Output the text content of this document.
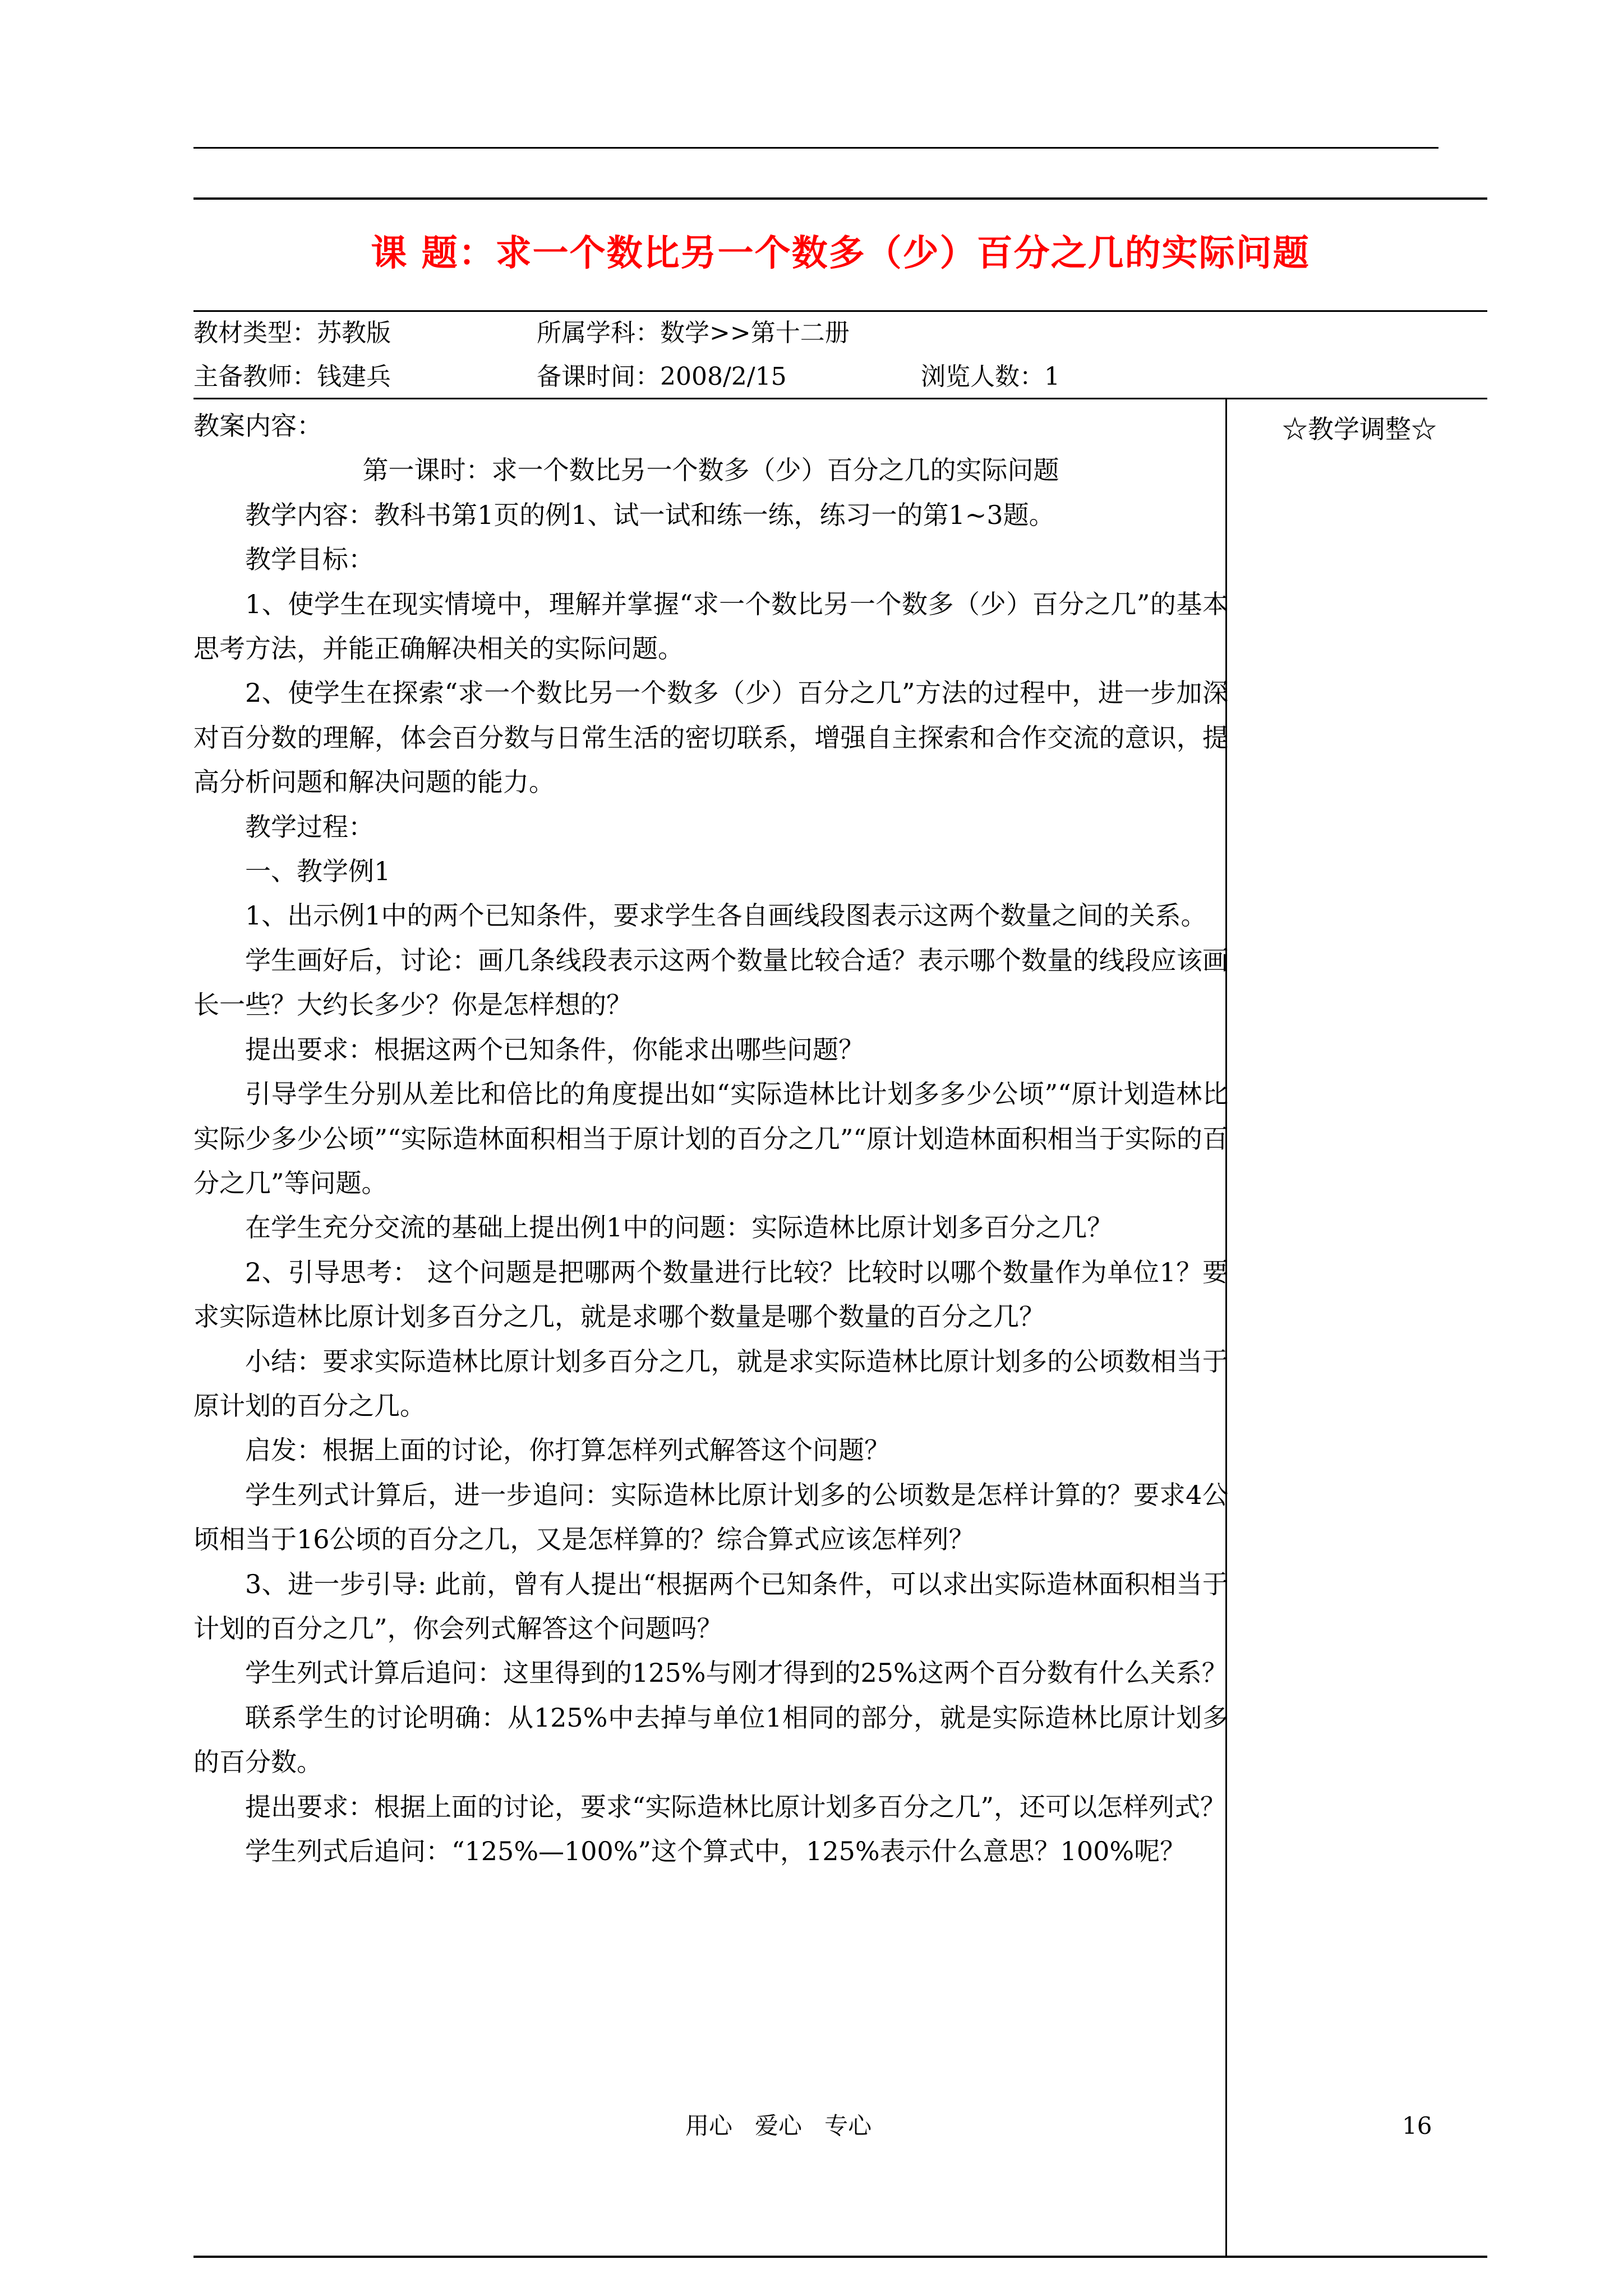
课 题：求一个数比另一个数多（少）百分之几的实际问题
教材类型：苏教版	所属学科：数学>>第十二册
主备教师：钱建兵	备课时间：2008/2/15	浏览人数：1
☆教学调整☆

教案内容：

第一课时：求一个数比另一个数多（少）百分之几的实际问题

教学内容：教科书第1页的例1、试一试和练一练，练习一的第1~3题。

教学目标：

1、使学生在现实情境中，理解并掌握“求一个数比另一个数多（少）百分之几”的基本思考方法，并能正确解决相关的实际问题。

2、使学生在探索“求一个数比另一个数多（少）百分之几”方法的过程中，进一步加深对百分数的理解，体会百分数与日常生活的密切联系，增强自主探索和合作交流的意识，提高分析问题和解决问题的能力。

教学过程：

一、教学例1

1、出示例1中的两个已知条件，要求学生各自画线段图表示这两个数量之间的关系。

学生画好后，讨论：画几条线段表示这两个数量比较合适？表示哪个数量的线段应该画长一些？大约长多少？你是怎样想的？

提出要求：根据这两个已知条件，你能求出哪些问题？

引导学生分别从差比和倍比的角度提出如“实际造林比计划多多少公顷”“原计划造林比实际少多少公顷”“实际造林面积相当于原计划的百分之几”“原计划造林面积相当于实际的百分之几”等问题。

在学生充分交流的基础上提出例1中的问题：实际造林比原计划多百分之几？

2、引导思考： 这个问题是把哪两个数量进行比较？比较时以哪个数量作为单位1？要求实际造林比原计划多百分之几，就是求哪个数量是哪个数量的百分之几？

小结：要求实际造林比原计划多百分之几，就是求实际造林比原计划多的公顷数相当于原计划的百分之几。

启发：根据上面的讨论，你打算怎样列式解答这个问题？

学生列式计算后，进一步追问：实际造林比原计划多的公顷数是怎样计算的？要求4公顷相当于16公顷的百分之几，又是怎样算的？综合算式应该怎样列？

3、进一步引导: 此前，曾有人提出“根据两个已知条件，可以求出实际造林面积相当于计划的百分之几”，你会列式解答这个问题吗？

学生列式计算后追问：这里得到的125%与刚才得到的25%这两个百分数有什么关系？

联系学生的讨论明确：从125%中去掉与单位1相同的部分，就是实际造林比原计划多的百分数。

提出要求：根据上面的讨论，要求“实际造林比原计划多百分之几”，还可以怎样列式？

学生列式后追问：“125%—100%”这个算式中，125%表示什么意思？100%呢？

用心   爱心   专心	16
